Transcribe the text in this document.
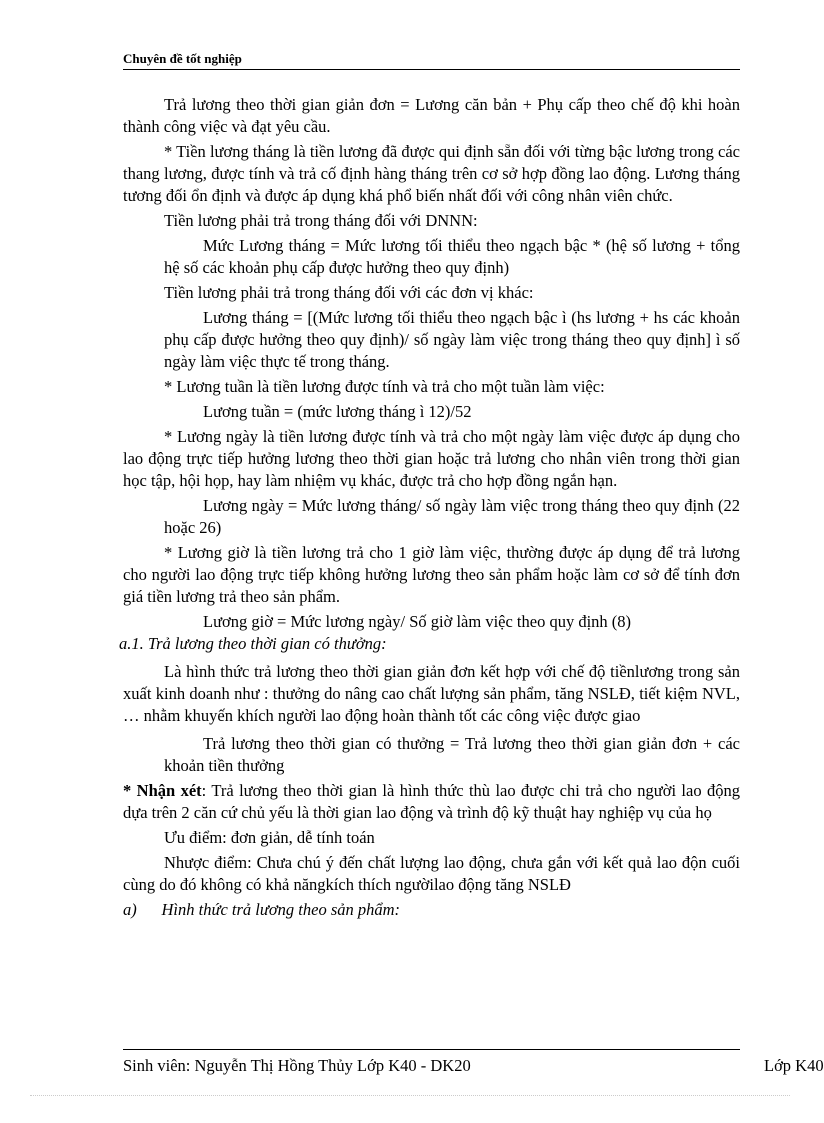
Chuyên đề tốt nghiệp

Trả lương theo thời gian giản đơn = Lương căn bản + Phụ cấp theo chế độ khi hoàn thành công việc và đạt yêu cầu.

* Tiền lương tháng là tiền lương đã được qui định sẵn đối với từng bậc lương trong các thang lương, được tính và trả cố định hàng tháng trên cơ sở hợp đồng lao động. Lương tháng tương đối ổn định và được áp dụng khá phổ biến nhất đối với công nhân viên chức.

Tiền lương phải trả trong tháng đối với DNNN:

Mức Lương tháng = Mức lương tối thiểu theo ngạch bậc * (hệ số lương + tổng hệ số các khoản phụ cấp được hưởng theo quy định)

Tiền lương phải trả trong tháng đối với các đơn vị khác:

Lương tháng = [(Mức lương tối thiểu theo ngạch bậc ì (hs lương + hs các khoản phụ cấp được hưởng theo quy định)/ số ngày làm việc trong tháng theo quy định] ì số ngày làm việc thực tế trong tháng.

* Lương tuần là tiền lương được tính và trả cho một tuần làm việc:

Lương tuần = (mức lương tháng ì 12)/52

* Lương ngày là tiền lương được tính và trả cho một ngày làm việc được áp dụng cho lao động trực tiếp hưởng lương theo thời gian hoặc trả lương cho nhân viên trong thời gian học tập, hội họp, hay làm nhiệm vụ khác, được trả cho hợp đồng ngắn hạn.

Lương ngày = Mức lương tháng/ số ngày làm việc trong tháng theo quy định (22 hoặc 26)

* Lương giờ là tiền lương trả cho 1 giờ làm việc, thường được áp dụng để trả lương cho người lao động trực tiếp không hưởng lương theo sản phẩm hoặc làm cơ sở để tính đơn giá tiền lương trả theo sản phẩm.

Lương giờ = Mức lương ngày/ Số giờ làm việc theo quy định (8)

a.1. Trả lương theo thời gian có thưởng:

Là hình thức trả lương theo thời gian giản đơn kết hợp với chế độ tiềnlương trong sản xuất kinh doanh như : thưởng do nâng cao chất lượng sản phẩm, tăng NSLĐ, tiết kiệm NVL, … nhằm khuyến khích người lao động hoàn thành tốt các công việc được giao

Trả lương theo thời gian có thưởng = Trả lương theo thời gian giản đơn + các khoản tiền thưởng

* Nhận xét: Trả lương theo thời gian là hình thức thù lao được chi trả cho người lao động dựa trên 2 căn cứ chủ yếu là thời gian lao động và trình độ kỹ thuật hay nghiệp vụ của họ

Ưu điểm: đơn giản, dễ tính toán

Nhược điểm: Chưa chú ý đến chất lượng lao động, chưa gắn với kết quả lao độn cuối cùng do đó không có khả năngkích thích ngườilao động tăng NSLĐ

a)      Hình thức trả lương theo sản phẩm:

Sinh viên: Nguyễn Thị Hồng Thủy Lớp K40 - DK20	Lớp K40
